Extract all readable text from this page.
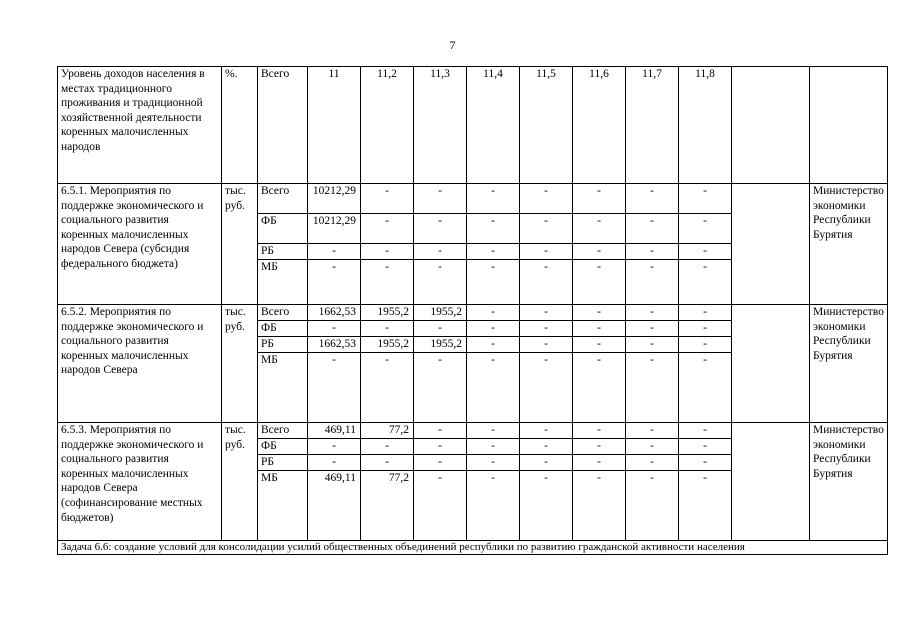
7
Уровень доходов населения в местах традиционного проживания и традиционной хозяйственной деятельности коренных малочисленных народов	%.	Всего	11	11,2	11,3	11,4	11,5	11,6	11,7	11,8		
6.5.1. Мероприятия по поддержке экономического и социального развития коренных малочисленных народов Севера (субсидия федерального бюджета)	тыс. руб.	Всего	10212,29	-	-	-	-	-	-	-		Министерство экономики Республики Бурятия
		ФБ	10212,29	-	-	-	-	-	-	-		
		РБ	-	-	-	-	-	-	-	-		
		МБ	-	-	-	-	-	-	-	-		
6.5.2. Мероприятия по поддержке экономического и социального развития коренных малочисленных народов Севера	тыс. руб.	Всего	1662,53	1955,2	1955,2	-	-	-	-	-		Министерство экономики Республики Бурятия
		ФБ	-	-	-	-	-	-	-	-		
		РБ	1662,53	1955,2	1955,2	-	-	-	-	-		
		МБ	-	-	-	-	-	-	-	-		
6.5.3. Мероприятия по поддержке экономического и социального развития коренных малочисленных народов Севера (софинансирование местных бюджетов)	тыс. руб.	Всего	469,11	77,2	-	-	-	-	-	-		Министерство экономики Республики Бурятия
		ФБ	-	-	-	-	-	-	-	-		
		РБ	-	-	-	-	-	-	-	-		
		МБ	469,11	77,2	-	-	-	-	-	-		
Задача 6.6: создание условий для консолидации усилий общественных объединений республики по развитию гражданской активности населения												
